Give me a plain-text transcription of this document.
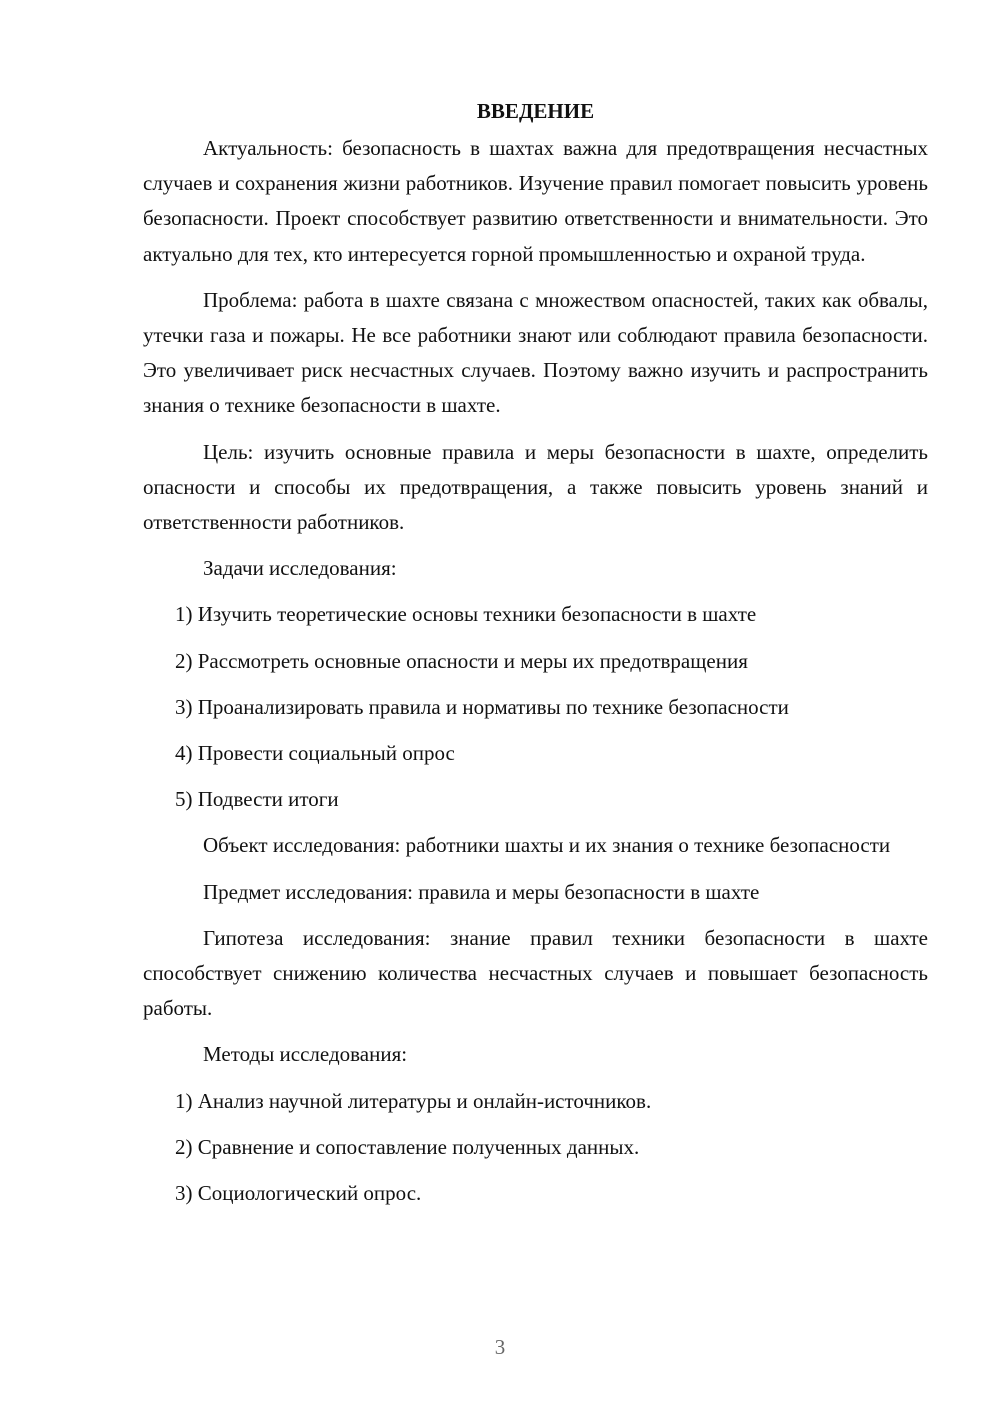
ВВЕДЕНИЕ

Актуальность: безопасность в шахтах важна для предотвращения несчастных случаев и сохранения жизни работников. Изучение правил помогает повысить уровень безопасности. Проект способствует развитию ответственности и внимательности. Это актуально для тех, кто интересуется горной промышленностью и охраной труда.

Проблема: работа в шахте связана с множеством опасностей, таких как обвалы, утечки газа и пожары. Не все работники знают или соблюдают правила безопасности. Это увеличивает риск несчастных случаев. Поэтому важно изучить и распространить знания о технике безопасности в шахте.

Цель: изучить основные правила и меры безопасности в шахте, определить опасности и способы их предотвращения, а также повысить уровень знаний и ответственности работников.

Задачи исследования:

1) Изучить теоретические основы техники безопасности в шахте

2) Рассмотреть основные опасности и меры их предотвращения

3) Проанализировать правила и нормативы по технике безопасности

4) Провести социальный опрос

5) Подвести итоги

Объект исследования: работники шахты и их знания о технике безопасности

Предмет исследования: правила и меры безопасности в шахте

Гипотеза исследования: знание правил техники безопасности в шахте способствует снижению количества несчастных случаев и повышает безопасность работы.

Методы исследования:

1) Анализ научной литературы и онлайн-источников.

2) Сравнение и сопоставление полученных данных.

3) Социологический опрос.

3
